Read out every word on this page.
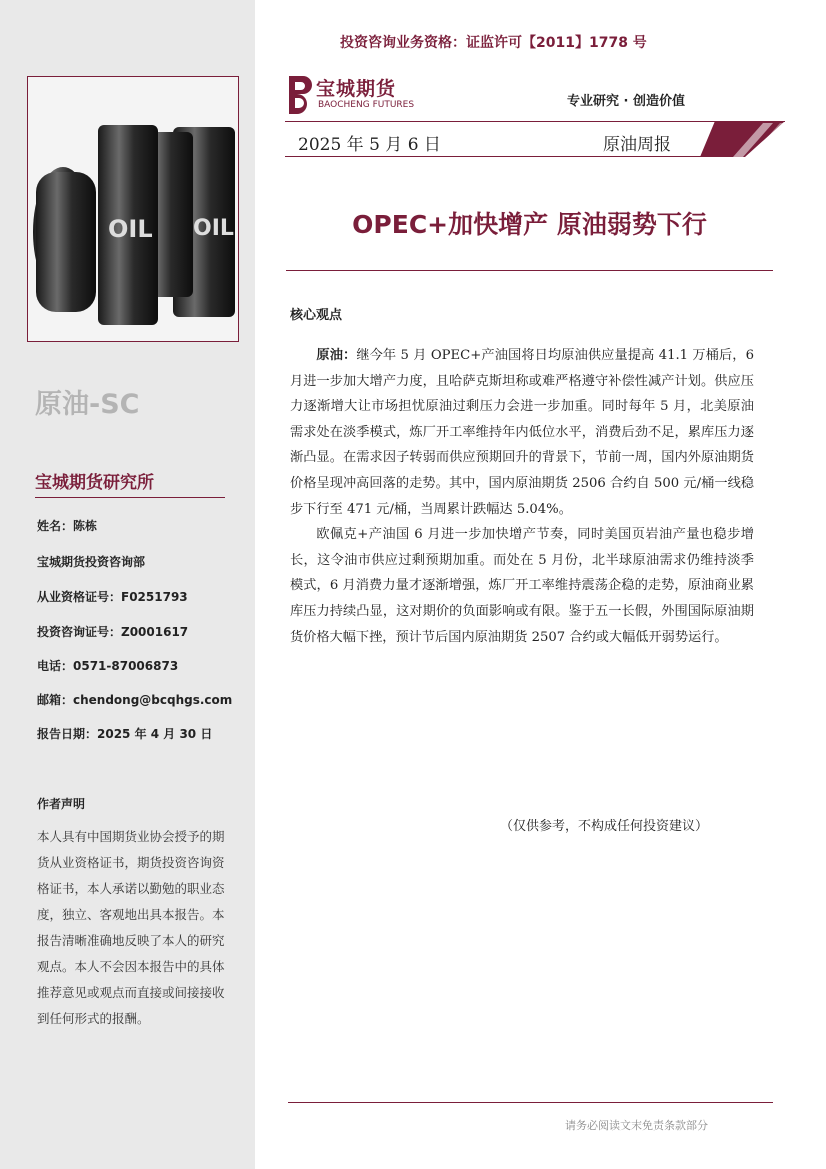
OIL OIL
原油-SC
宝城期货研究所
姓名：陈栋
宝城期货投资咨询部
从业资格证号：F0251793
投资咨询证号：Z0001617
电话：0571-87006873
邮箱：chendong@bcqhgs.com
报告日期：2025 年 4 月 30 日
作者声明
本人具有中国期货业协会授予的期货从业资格证书，期货投资咨询资格证书，本人承诺以勤勉的职业态度，独立、客观地出具本报告。本报告清晰准确地反映了本人的研究观点。本人不会因本报告中的具体推荐意见或观点而直接或间接接收到任何形式的报酬。
投资咨询业务资格：证监许可【2011】1778 号
宝城期货
BAOCHENG FUTURES	专业研究 · 创造价值
2025 年 5 月 6 日	原油周报
OPEC+加快增产 原油弱势下行
核心观点

原油：继今年 5 月 OPEC+产油国将日均原油供应量提高 41.1 万桶后，6 月进一步加大增产力度，且哈萨克斯坦称或难严格遵守补偿性减产计划。供应压力逐渐增大让市场担忧原油过剩压力会进一步加重。同时每年 5 月，北美原油需求处在淡季模式，炼厂开工率维持年内低位水平，消费后劲不足，累库压力逐渐凸显。在需求因子转弱而供应预期回升的背景下，节前一周，国内外原油期货价格呈现冲高回落的走势。其中，国内原油期货 2506 合约自 500 元/桶一线稳步下行至 471 元/桶，当周累计跌幅达 5.04%。

欧佩克+产油国 6 月进一步加快增产节奏，同时美国页岩油产量也稳步增长，这令油市供应过剩预期加重。而处在 5 月份，北半球原油需求仍维持淡季模式，6 月消费力量才逐渐增强，炼厂开工率维持震荡企稳的走势，原油商业累库压力持续凸显，这对期价的负面影响或有限。鉴于五一长假，外围国际原油期货价格大幅下挫，预计节后国内原油期货 2507 合约或大幅低开弱势运行。

（仅供参考，不构成任何投资建议）
请务必阅读文末免责条款部分
